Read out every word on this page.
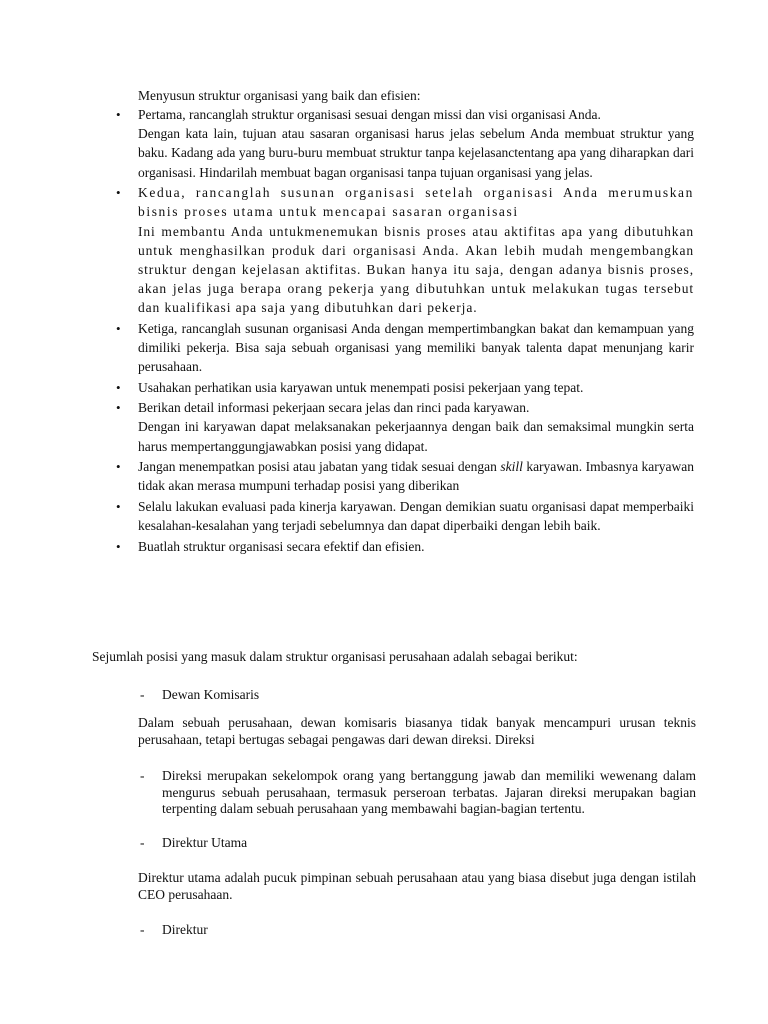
Menyusun struktur organisasi yang baik dan efisien:

• Pertama, rancanglah struktur organisasi sesuai dengan missi dan visi organisasi Anda.

Dengan kata lain, tujuan atau sasaran organisasi harus jelas sebelum Anda membuat struktur yang baku. Kadang ada yang buru-buru membuat struktur tanpa kejelasanctentang apa yang diharapkan dari organisasi. Hindarilah membuat bagan organisasi tanpa tujuan organisasi yang jelas.

• Kedua, rancanglah susunan organisasi setelah organisasi Anda merumuskan bisnis proses utama untuk mencapai sasaran organisasi

Ini membantu Anda untukmenemukan bisnis proses atau aktifitas apa yang dibutuhkan untuk menghasilkan produk dari organisasi Anda. Akan lebih mudah mengembangkan struktur dengan kejelasan aktifitas. Bukan hanya itu saja, dengan adanya bisnis proses, akan jelas juga berapa orang pekerja yang dibutuhkan untuk melakukan tugas tersebut dan kualifikasi apa saja yang dibutuhkan dari pekerja.

• Ketiga, rancanglah susunan organisasi Anda dengan mempertimbangkan bakat dan kemampuan yang dimiliki pekerja. Bisa saja sebuah organisasi yang memiliki banyak talenta dapat menunjang karir perusahaan.

• Usahakan perhatikan usia karyawan untuk menempati posisi pekerjaan yang tepat.

• Berikan detail informasi pekerjaan secara jelas dan rinci pada karyawan.

Dengan ini karyawan dapat melaksanakan pekerjaannya dengan baik dan semaksimal mungkin serta harus mempertanggungjawabkan posisi yang didapat.

• Jangan menempatkan posisi atau jabatan yang tidak sesuai dengan skill karyawan. Imbasnya karyawan tidak akan merasa mumpuni terhadap posisi yang diberikan

• Selalu lakukan evaluasi pada kinerja karyawan. Dengan demikian suatu organisasi dapat memperbaiki kesalahan-kesalahan yang terjadi sebelumnya dan dapat diperbaiki dengan lebih baik.

• Buatlah struktur organisasi secara efektif dan efisien.

Sejumlah posisi yang masuk dalam struktur organisasi perusahaan adalah sebagai berikut:

- Dewan Komisaris

Dalam sebuah perusahaan, dewan komisaris biasanya tidak banyak mencampuri urusan teknis perusahaan, tetapi bertugas sebagai pengawas dari dewan direksi. Direksi

- Direksi merupakan sekelompok orang yang bertanggung jawab dan memiliki wewenang dalam mengurus sebuah perusahaan, termasuk perseroan terbatas. Jajaran direksi merupakan bagian terpenting dalam sebuah perusahaan yang membawahi bagian-bagian tertentu.

- Direktur Utama

Direktur utama adalah pucuk pimpinan sebuah perusahaan atau yang biasa disebut juga dengan istilah CEO perusahaan.

- Direktur
